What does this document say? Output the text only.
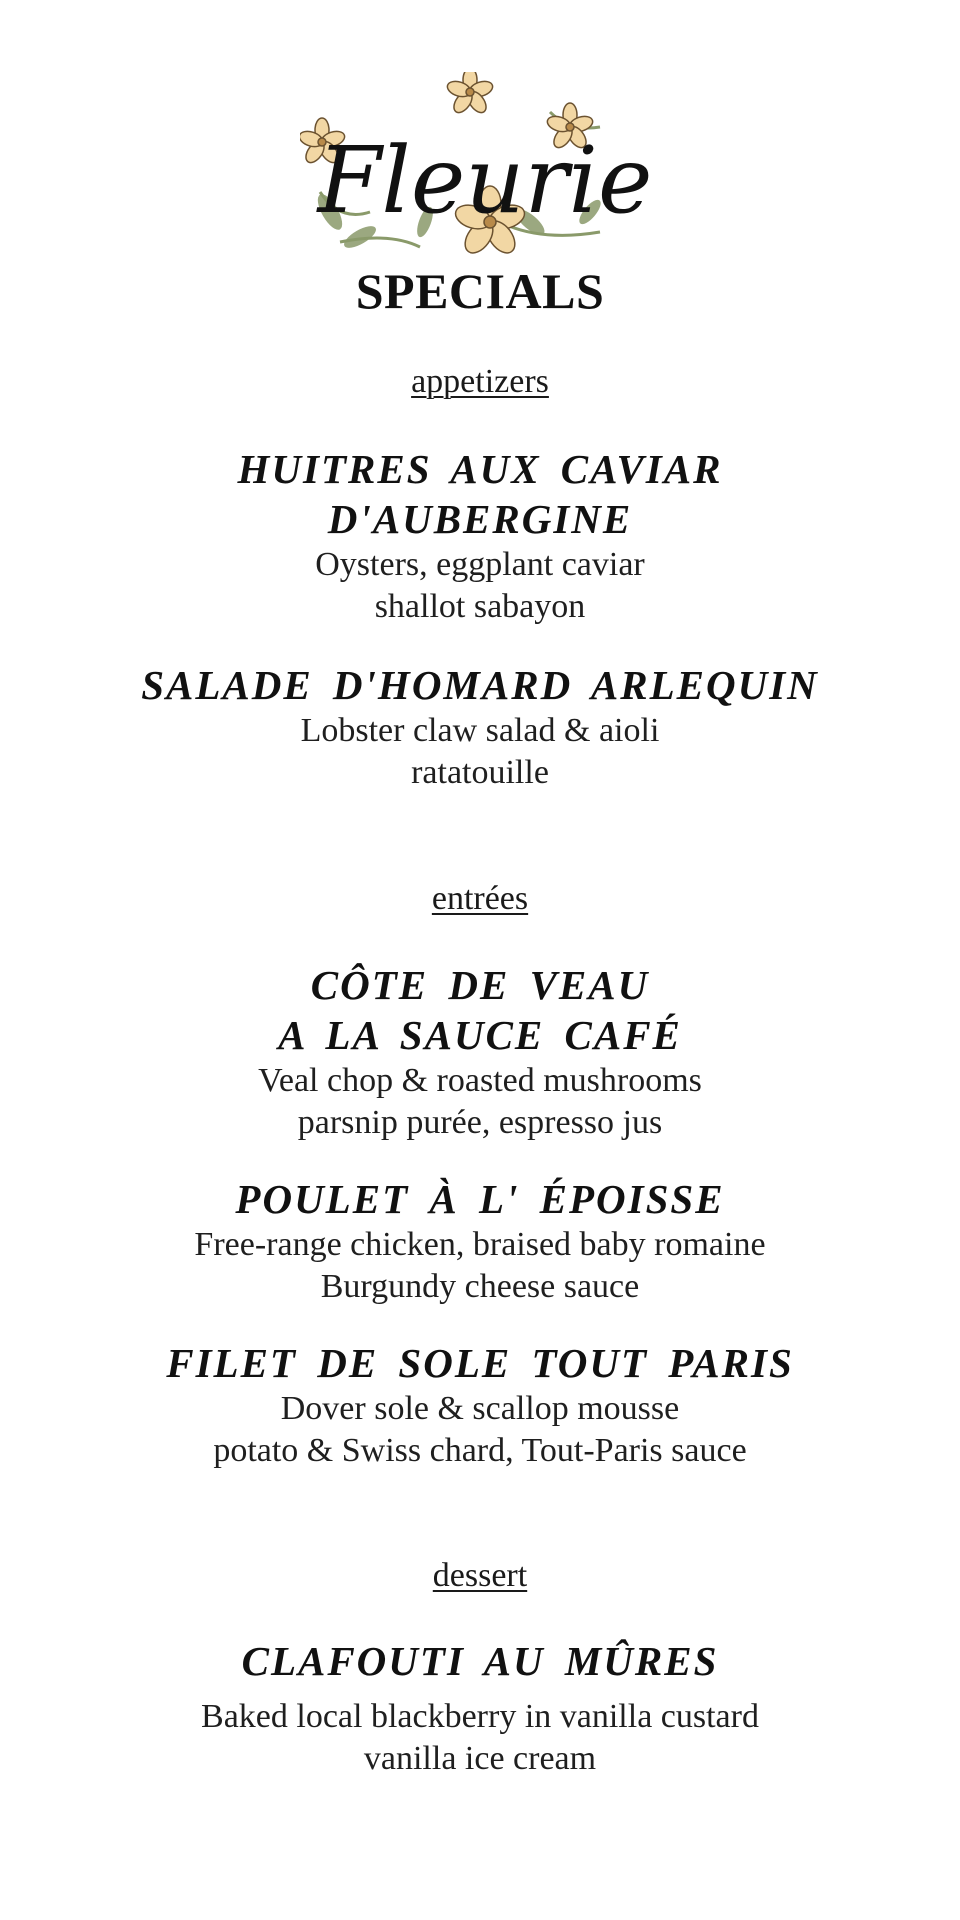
Fleurie
SPECIALS
appetizers
HUITRES AUX CAVIAR
D'AUBERGINE
Oysters, eggplant caviar
shallot sabayon
SALADE D'HOMARD ARLEQUIN
Lobster claw salad & aioli
ratatouille
entrées
CÔTE DE VEAU
A LA SAUCE CAFÉ
Veal chop & roasted mushrooms
parsnip purée, espresso jus
POULET À L' ÉPOISSE
Free-range chicken, braised baby romaine
Burgundy cheese sauce
FILET DE SOLE TOUT PARIS
Dover sole & scallop mousse
potato & Swiss chard, Tout-Paris sauce
dessert
CLAFOUTI AU MÛRES
Baked local blackberry in vanilla custard
vanilla ice cream
